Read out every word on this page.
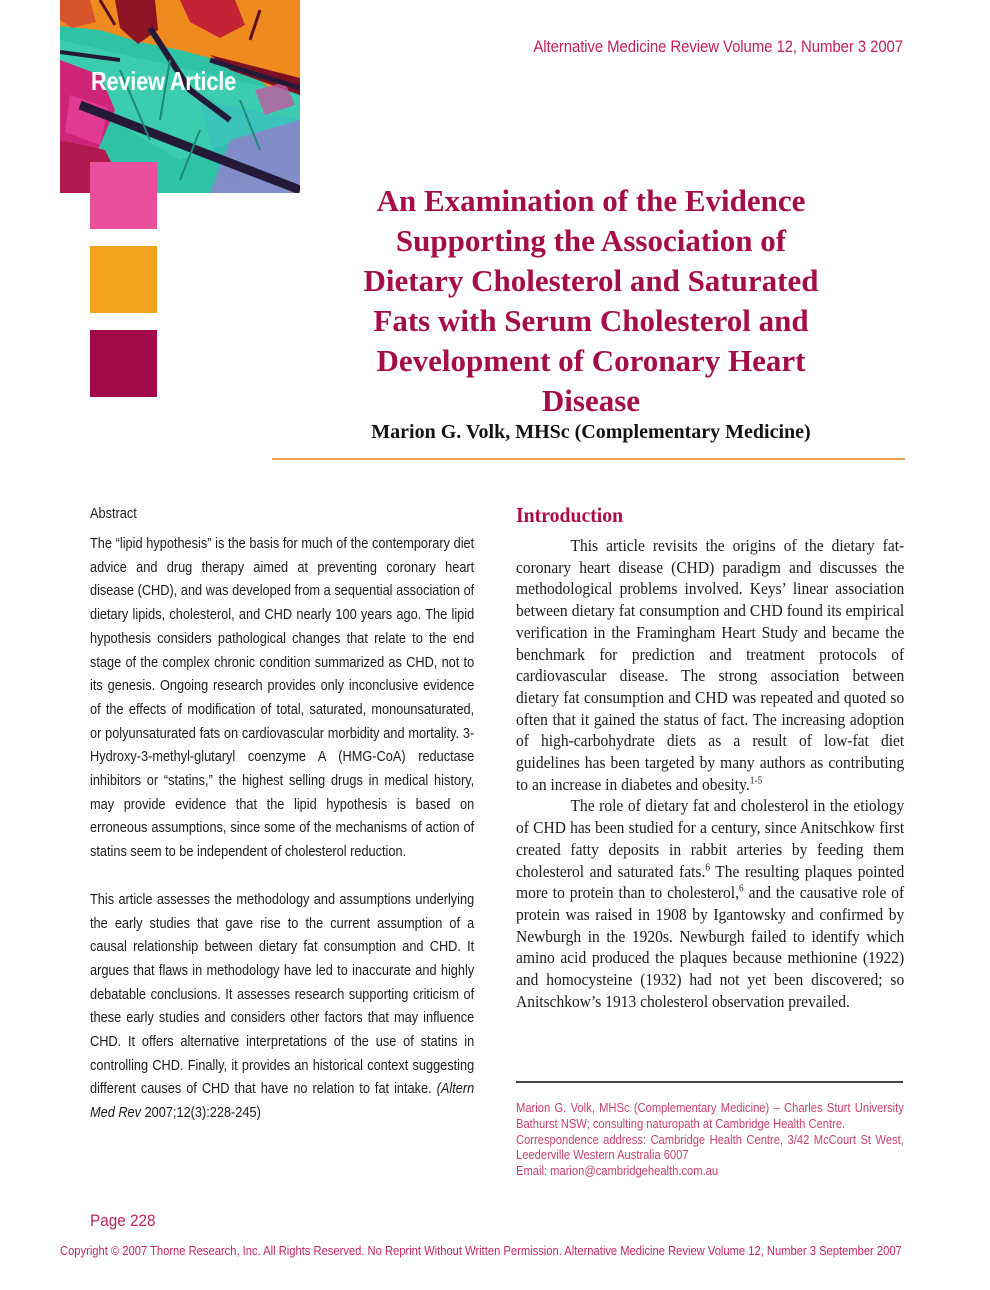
Alternative Medicine Review Volume 12, Number 3 2007
Review Article
An Examination of the Evidence
Supporting the Association of
Dietary Cholesterol and Saturated
Fats with Serum Cholesterol and
Development of Coronary Heart
Disease
Marion G. Volk, MHSc (Complementary Medicine)
Abstract

The “lipid hypothesis” is the basis for much of the contemporary diet advice and drug therapy aimed at preventing coronary heart disease (CHD), and was developed from a sequential association of dietary lipids, cholesterol, and CHD nearly 100 years ago. The lipid hypothesis considers pathological changes that relate to the end stage of the complex chronic condition summarized as CHD, not to its genesis. Ongoing research provides only inconclusive evidence of the effects of modification of total, saturated, monounsaturated, or polyunsaturated fats on cardiovascular morbidity and mortality. 3-Hydroxy-3-methyl-glutaryl coenzyme A (HMG-CoA) reductase inhibitors or “statins,” the highest selling drugs in medical history, may provide evidence that the lipid hypothesis is based on erroneous assumptions, since some of the mechanisms of action of statins seem to be independent of cholesterol reduction.

This article assesses the methodology and assumptions underlying the early studies that gave rise to the current assumption of a causal relationship between dietary fat consumption and CHD. It argues that flaws in methodology have led to inaccurate and highly debatable conclusions. It assesses research supporting criticism of these early studies and considers other factors that may influence CHD. It offers alternative interpretations of the use of statins in controlling CHD. Finally, it provides an historical context suggesting different causes of CHD that have no relation to fat intake. (Altern Med Rev 2007;12(3):228-245)

Introduction

This article revisits the origins of the dietary fat-coronary heart disease (CHD) paradigm and discusses the methodological problems involved. Keys’ linear association between dietary fat consumption and CHD found its empirical verification in the Framingham Heart Study and became the benchmark for prediction and treatment protocols of cardiovascular disease. The strong association between dietary fat consumption and CHD was repeated and quoted so often that it gained the status of fact. The increasing adoption of high-carbohydrate diets as a result of low-fat diet guidelines has been targeted by many authors as contributing to an increase in diabetes and obesity.$^{1-5}$

The role of dietary fat and cholesterol in the etiology of CHD has been studied for a century, since Anitschkow first created fatty deposits in rabbit arteries by feeding them cholesterol and saturated fats.$^6$ The resulting plaques pointed more to protein than to cholesterol,$^6$ and the causative role of protein was raised in 1908 by Igantowsky and confirmed by Newburgh in the 1920s. Newburgh failed to identify which amino acid produced the plaques because methionine (1922) and homocysteine (1932) had not yet been discovered; so Anitschkow’s 1913 cholesterol observation prevailed.

Marion G. Volk, MHSc (Complementary Medicine) – Charles Sturt University Bathurst NSW; consulting naturopath at Cambridge Health Centre.

Correspondence address: Cambridge Health Centre, 3/42 McCourt St West, Leederville Western Australia 6007

Email: marion@cambridgehealth.com.au

Page 228
Copyright © 2007 Thorne Research, Inc. All Rights Reserved. No Reprint Without Written Permission. Alternative Medicine Review Volume 12, Number 3 September 2007
